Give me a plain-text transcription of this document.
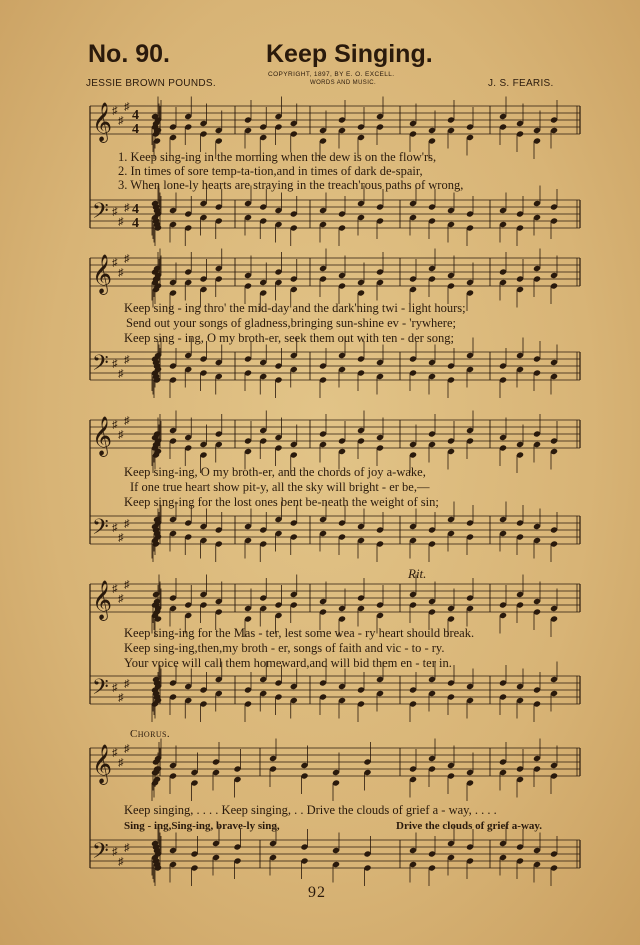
No. 90.	Keep Singing.
JESSIE BROWN POUNDS.
COPYRIGHT, 1897, BY E. O. EXCELL.
WORDS AND MUSIC.	J. S. FEARIS.
𝄞
𝄢
♯
♯
♯
♯
♯
♯
4
4
4
4
𝄞
𝄢
♯
♯
♯
♯
♯
♯
𝄞
𝄢
♯
♯
♯
♯
♯
♯
𝄞
𝄢
♯
♯
♯
♯
♯
♯
𝄞
𝄢
♯
♯
♯
♯
♯
♯
1. Keep sing-ing in the morning when the dew is on the flow'rs,
2. In times of sore temp-ta-tion,and in times of dark de-spair,
3. When lone-ly hearts are straying in the treach'rous paths of wrong,
Keep sing - ing thro' the mid-day and the dark'ning twi - light hours;
Send out your songs of gladness,bringing sun-shine ev - 'rywhere;
Keep sing - ing, O my broth-er, seek them out with ten - der song;
Keep sing-ing, O my broth-er, and the chords of joy a-wake,
If one true heart show pit-y, all the sky will bright - er be,—
Keep sing-ing for the lost ones bent be-neath the weight of sin;
Rit.
Keep sing-ing for the Mas - ter, lest some wea - ry heart should break.
Keep sing-ing,then,my broth - er, songs of faith and vic - to - ry.
Your voice will call them homeward,and will bid them en - ter in.
Chorus.
Keep singing, . . . . Keep singing, . . Drive the clouds of grief a - way, . . . .
Sing - ing,Sing-ing, brave-ly sing,	Drive the clouds of grief a-way.
92
